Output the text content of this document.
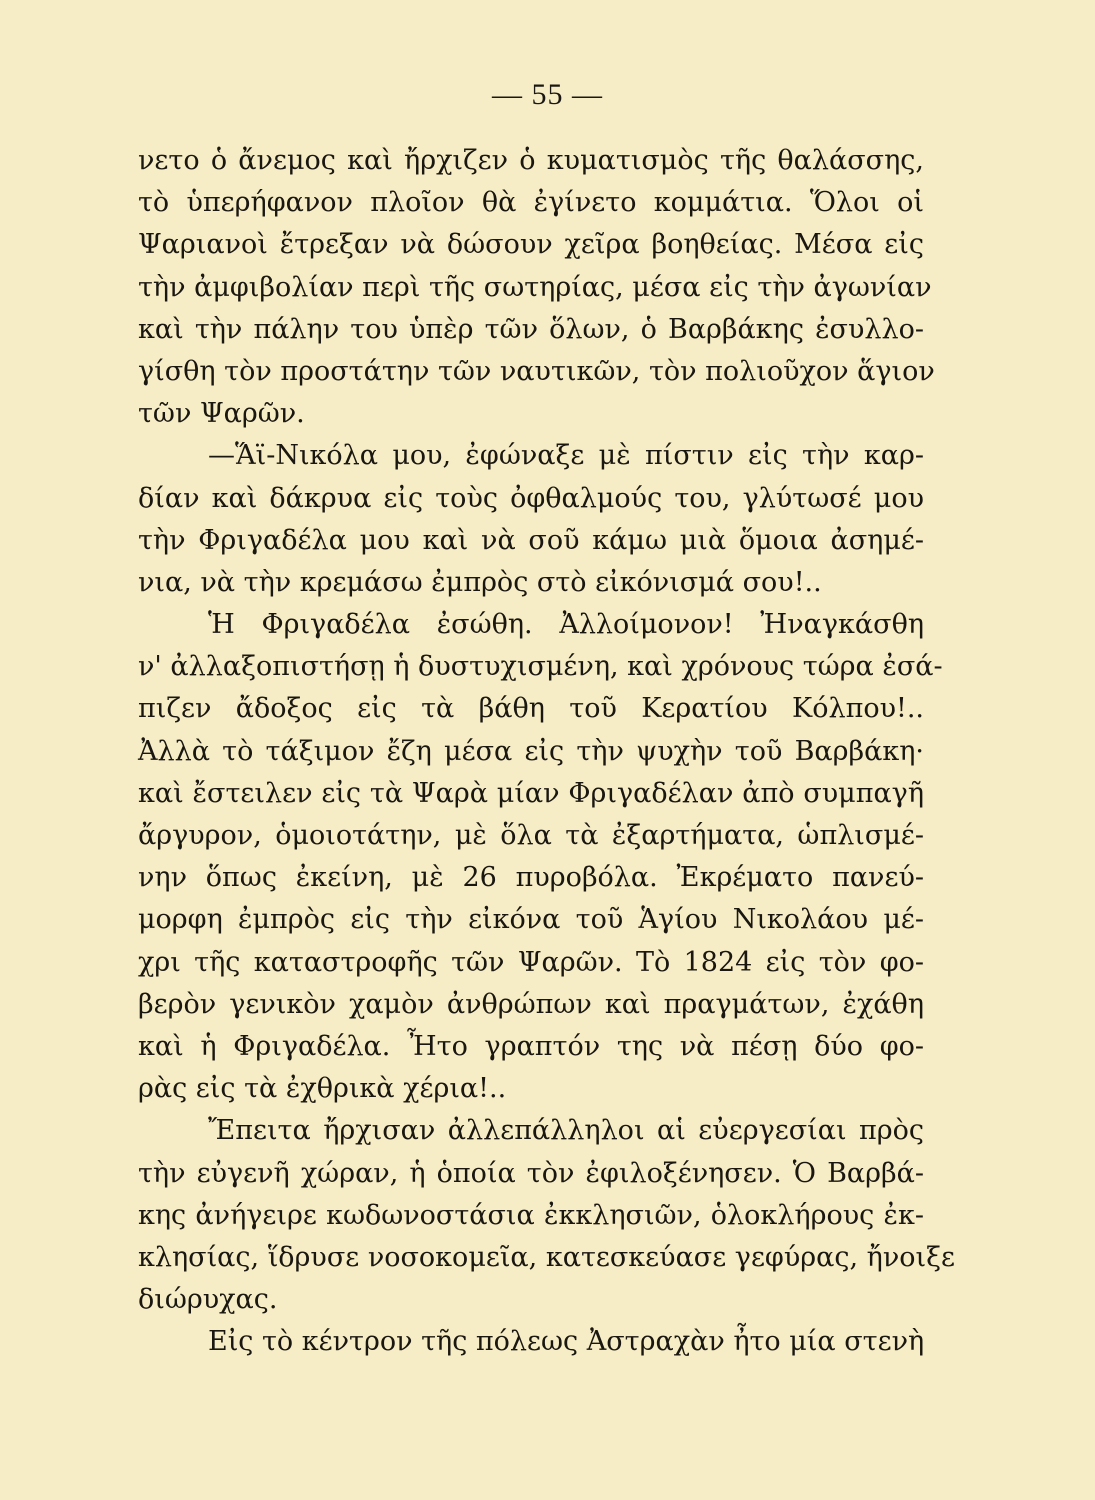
— 55 —
νετο ὁ ἄνεμος καὶ ἤρχιζεν ὁ κυματισμὸς τῆς θαλάσσης,
τὸ ὑπερήφανον πλοῖον θὰ ἐγίνετο κομμάτια. Ὅλοι οἱ
Ψαριανοὶ ἔτρεξαν νὰ δώσουν χεῖρα βοηθείας. Μέσα εἰς
τὴν ἀμφιβολίαν περὶ τῆς σωτηρίας, μέσα εἰς τὴν ἀγωνίαν
καὶ τὴν πάλην του ὑπὲρ τῶν ὅλων, ὁ Βαρβάκης ἐσυλλο-
γίσθη τὸν προστάτην τῶν ναυτικῶν, τὸν πολιοῦχον ἅγιον
τῶν Ψαρῶν.
—Ἅϊ-Νικόλα μου, ἐφώναξε μὲ πίστιν εἰς τὴν καρ-
δίαν καὶ δάκρυα εἰς τοὺς ὀφθαλμούς του, γλύτωσέ μου
τὴν Φριγαδέλα μου καὶ νὰ σοῦ κάμω μιὰ ὅμοια ἀσημέ-
νια, νὰ τὴν κρεμάσω ἐμπρὸς στὸ εἰκόνισμά σου!..
Ἡ Φριγαδέλα ἐσώθη. Ἀλλοίμονον! Ἠναγκάσθη
ν' ἀλλαξοπιστήσῃ ἡ δυστυχισμένη, καὶ χρόνους τώρα ἐσά-
πιζεν ἄδοξος εἰς τὰ βάθη τοῦ Κερατίου Κόλπου!..
Ἀλλὰ τὸ τάξιμον ἔζη μέσα εἰς τὴν ψυχὴν τοῦ Βαρβάκη·
καὶ ἔστειλεν εἰς τὰ Ψαρὰ μίαν Φριγαδέλαν ἀπὸ συμπαγῆ
ἄργυρον, ὁμοιοτάτην, μὲ ὅλα τὰ ἐξαρτήματα, ὡπλισμέ-
νην ὅπως ἐκείνη, μὲ 26 πυροβόλα. Ἐκρέματο πανεύ-
μορφη ἐμπρὸς εἰς τὴν εἰκόνα τοῦ Ἁγίου Νικολάου μέ-
χρι τῆς καταστροφῆς τῶν Ψαρῶν. Τὸ 1824 εἰς τὸν φο-
βερὸν γενικὸν χαμὸν ἀνθρώπων καὶ πραγμάτων, ἐχάθη
καὶ ἡ Φριγαδέλα. Ἦτο γραπτόν της νὰ πέσῃ δύο φο-
ρὰς εἰς τὰ ἐχθρικὰ χέρια!..
Ἔπειτα ἤρχισαν ἀλλεπάλληλοι αἱ εὐεργεσίαι πρὸς
τὴν εὐγενῆ χώραν, ἡ ὁποία τὸν ἐφιλοξένησεν. Ὁ Βαρβά-
κης ἀνήγειρε κωδωνοστάσια ἐκκλησιῶν, ὁλοκλήρους ἐκ-
κλησίας, ἵδρυσε νοσοκομεῖα, κατεσκεύασε γεφύρας, ἤνοιξε
διώρυχας.
Εἰς τὸ κέντρον τῆς πόλεως Ἀστραχὰν ἦτο μία στενὴ
